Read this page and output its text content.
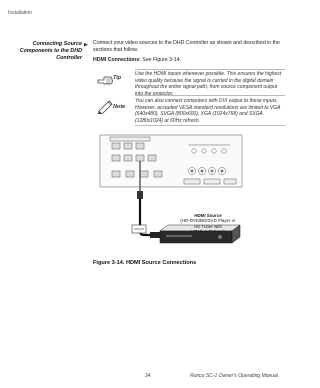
Installation
Connecting Source
Components to the DHD
Controller
▶ Connect your video sources to the DHD Controller as shown and described in the sections that follow.
HDMI Connections: See Figure 3-14.
Tip
Use the HDMI inputs whenever possible. This ensures the highest video quality because the signal is carried in the digital domain throughout the entire signal path, from source component output into the projector.
Note
You can also connect computers with DVI output to these inputs. However, accepted VESA standard resolutions are limited to VGA (640x480), SVGA (800x600), XGA (1024x768) and SXGA (1280x1024) at 60Hz refresh.
HDMI Source
(HD-DVD/BD/DVD Player or
HD Tuner with
HDMI or DVI out)
Figure 3-14. HDMI Source Connections
34	Runco SC-1 Owner's Operating Manual
